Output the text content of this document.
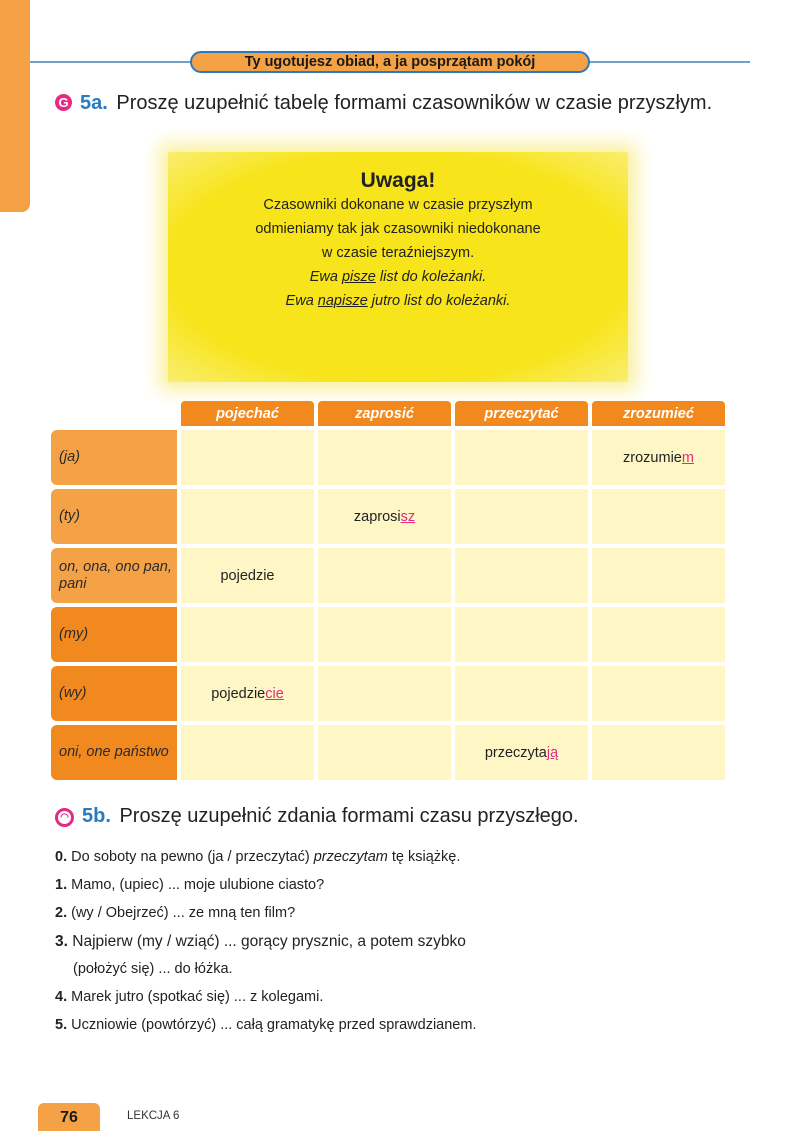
Ty ugotujesz obiad, a ja posprzątam pokój
G 5a. Proszę uzupełnić tabelę formami czasowników w czasie przyszłym.
Uwaga!
Czasowniki dokonane w czasie przyszłym
odmieniamy tak jak czasowniki niedokonane
w czasie teraźniejszym.
Ewa pisze list do koleżanki.
Ewa napisze jutro list do koleżanki.
	pojechać	zaprosić	przeczytać	zrozumieć
(ja)				zrozumiem
(ty)		zaprosisz		
on, ona, ono pan, pani	pojedzie			
(my)				
(wy)	pojedziecie			
oni, one państwo			przeczytają	
◠ 5b. Proszę uzupełnić zdania formami czasu przyszłego.
0. Do soboty na pewno (ja / przeczytać) przeczytam tę książkę.
1. Mamo, (upiec) ... moje ulubione ciasto?
2. (wy / Obejrzeć) ... ze mną ten film?
3. Najpierw (my / wziąć) ... gorący prysznic, a potem szybko
(położyć się) ... do łóżka.
4. Marek jutro (spotkać się) ... z kolegami.
5. Uczniowie (powtórzyć) ... całą gramatykę przed sprawdzianem.
76	LEKCJA 6
